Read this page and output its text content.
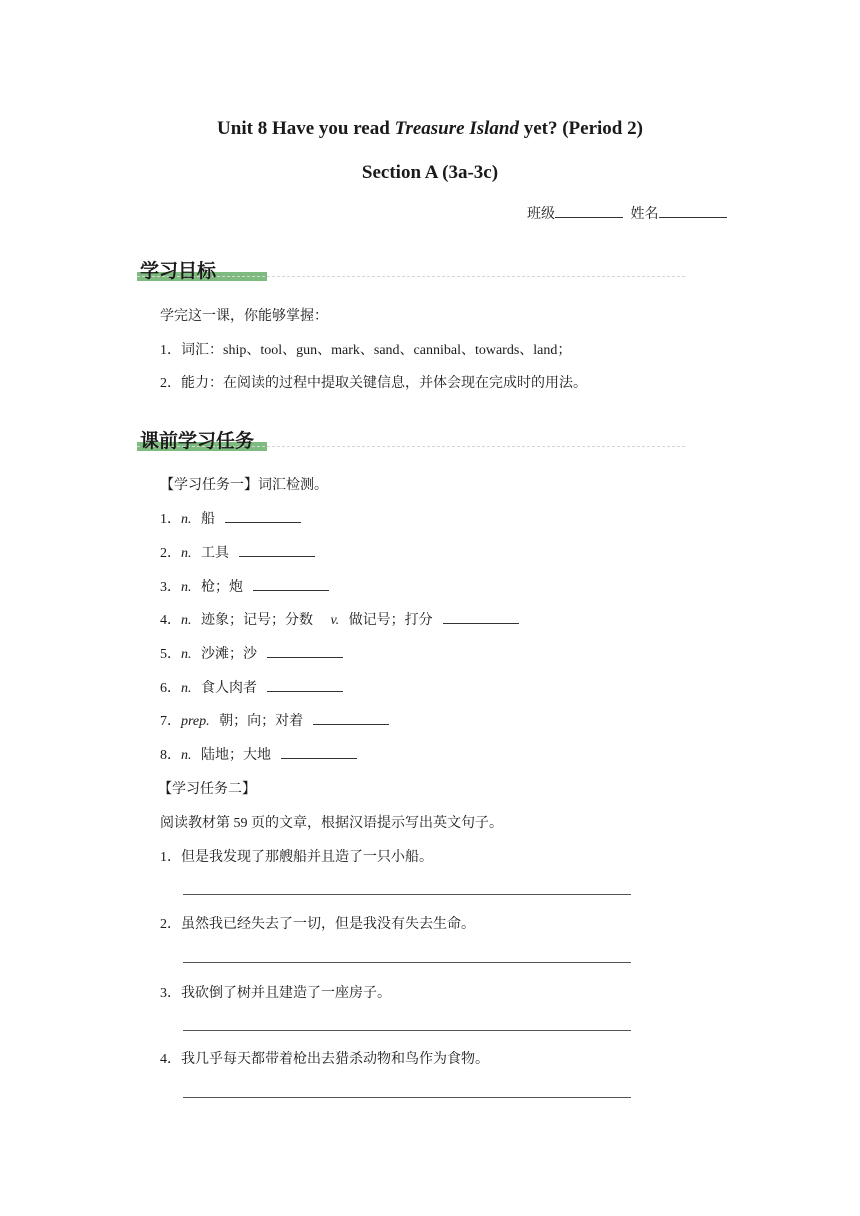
Unit 8 Have you read Treasure Island yet? (Period 2)
Section A (3a-3c)
班级	姓名
学习目标
学完这一课，你能够掌握：
1．词汇：ship、tool、gun、mark、sand、cannibal、towards、land；
2．能力：在阅读的过程中提取关键信息，并体会现在完成时的用法。
课前学习任务
【学习任务一】词汇检测。
1．n. 船
2．n. 工具
3．n. 枪；炮
4．n. 迹象；记号；分数 v. 做记号；打分
5．n. 沙滩；沙
6．n. 食人肉者
7．prep. 朝；向；对着
8．n. 陆地；大地
【学习任务二】
阅读教材第 59 页的文章，根据汉语提示写出英文句子。
1．但是我发现了那艘船并且造了一只小船。
2．虽然我已经失去了一切，但是我没有失去生命。
3．我砍倒了树并且建造了一座房子。
4．我几乎每天都带着枪出去猎杀动物和鸟作为食物。
